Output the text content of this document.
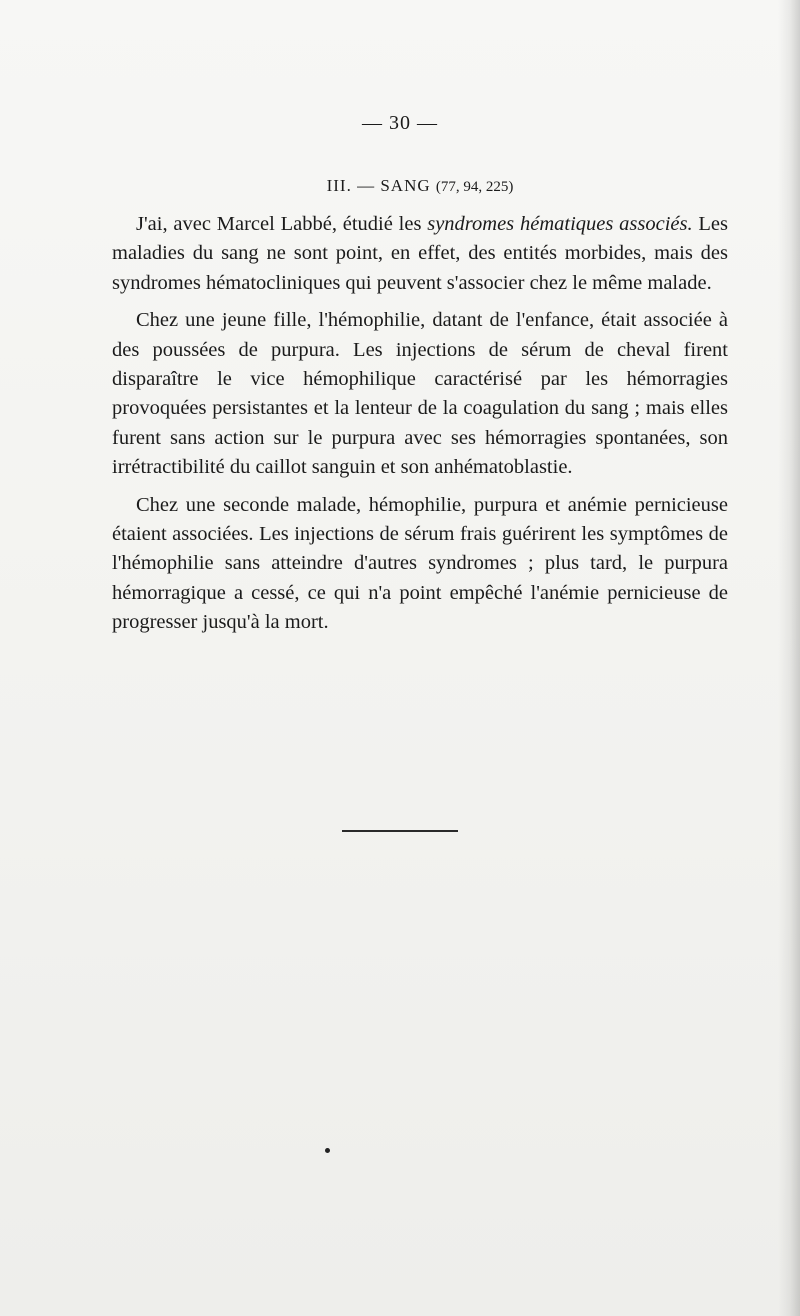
— 30 —
III. — SANG (77, 94, 225)

J'ai, avec Marcel Labbé, étudié les syndromes hématiques associés. Les maladies du sang ne sont point, en effet, des entités morbides, mais des syndromes hématocliniques qui peuvent s'associer chez le même malade.

Chez une jeune fille, l'hémophilie, datant de l'enfance, était associée à des poussées de purpura. Les injections de sérum de cheval firent disparaître le vice hémophilique caractérisé par les hémorragies provoquées persistantes et la lenteur de la coagulation du sang ; mais elles furent sans action sur le purpura avec ses hémorragies spontanées, son irrétractibilité du caillot sanguin et son anhématoblastie.

Chez une seconde malade, hémophilie, purpura et anémie pernicieuse étaient associées. Les injections de sérum frais guérirent les symptômes de l'hémophilie sans atteindre d'autres syndromes ; plus tard, le purpura hémorragique a cessé, ce qui n'a point empêché l'anémie pernicieuse de progresser jusqu'à la mort.
